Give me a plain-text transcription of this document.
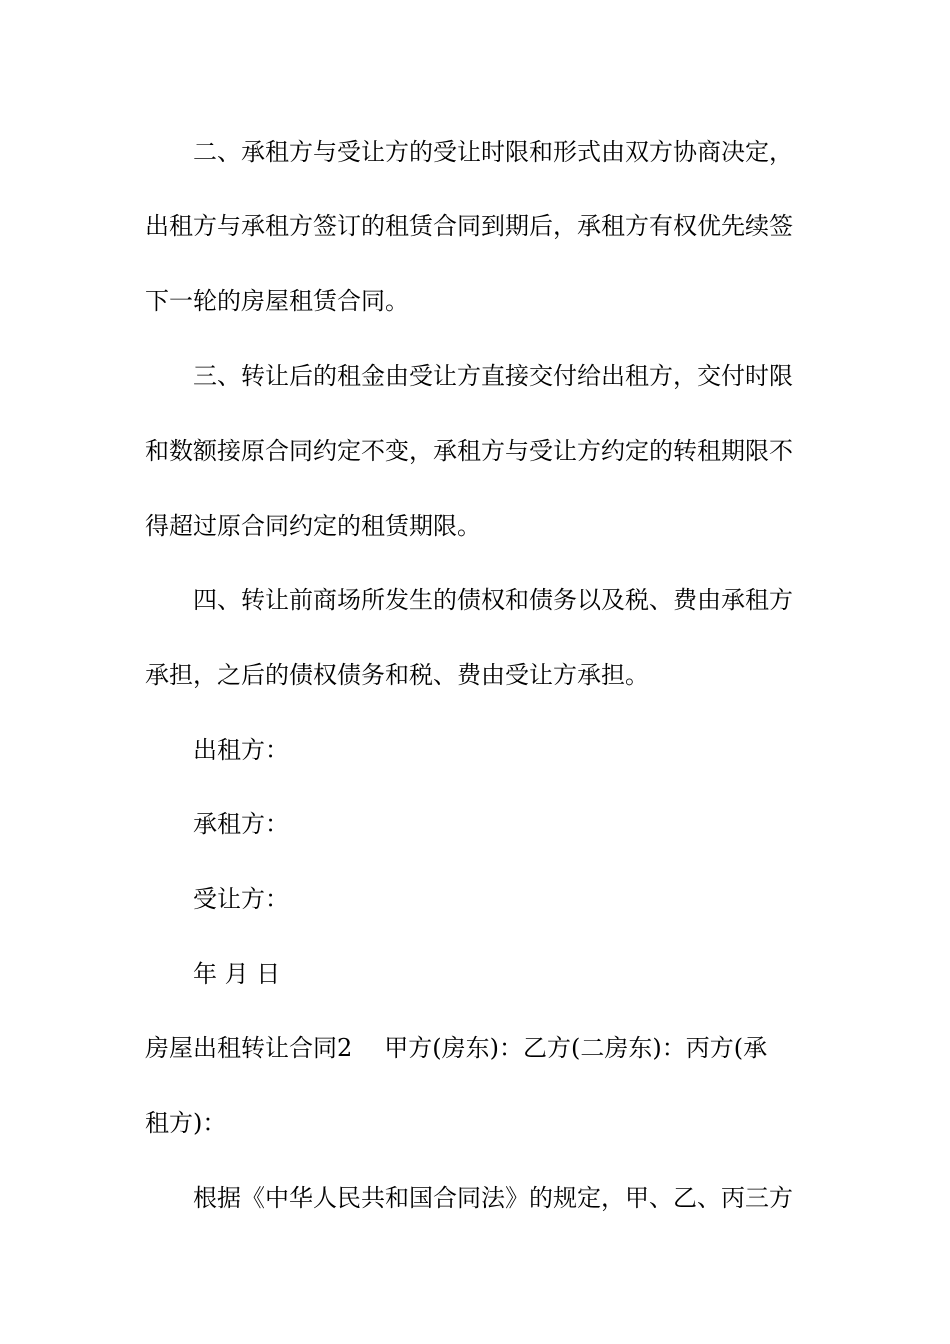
二、承租方与受让方的受让时限和形式由双方协商决定，
出租方与承租方签订的租赁合同到期后，承租方有权优先续签
下一轮的房屋租赁合同。
三、转让后的租金由受让方直接交付给出租方，交付时限
和数额接原合同约定不变，承租方与受让方约定的转租期限不
得超过原合同约定的租赁期限。
四、转让前商场所发生的债权和债务以及税、费由承租方
承担，之后的债权债务和税、费由受让方承担。
出租方：
承租方：
受让方：
年 月 日
房屋出租转让合同2 甲方(房东)：乙方(二房东)：丙方(承
租方)：
根据《中华人民共和国合同法》的规定，甲、乙、丙三方
